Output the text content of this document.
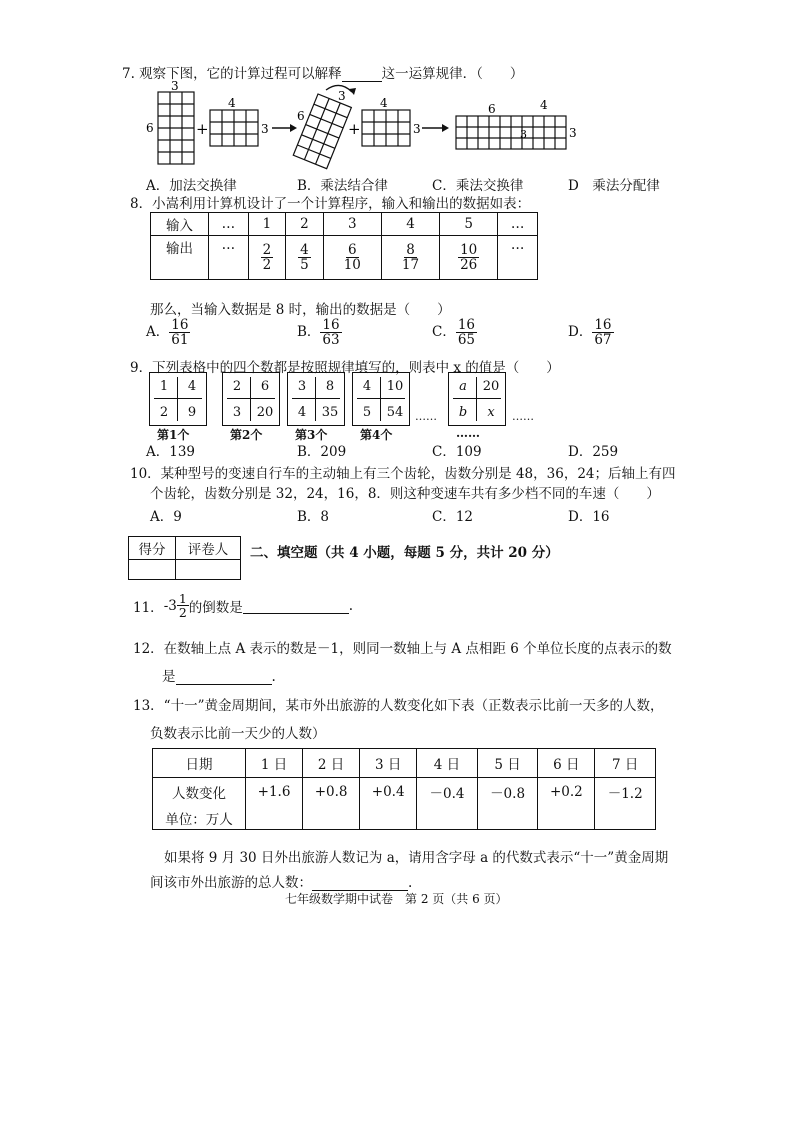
7. 观察下图，它的计算过程可以解释	这一运算规律．（　　）
3
6	+
4
3
3
6
+
4
3
6	4
3	3
A．加法交换律	B．乘法结合律	C．乘法交换律	D　乘法分配律
8．小嵩利用计算机设计了一个计算程序，输入和输出的数据如表：
输入	…	1	2	3	4	5	…
输出	…	$\frac{2}{2}$	$\frac{4}{5}$	$\frac{6}{10}$	$\frac{8}{17}$	$\frac{10}{26}$	…
那么，当输入数据是 8 时，输出的数据是（　　）
A． $\frac{16}{61}$	B． $\frac{16}{63}$	C． $\frac{16}{65}$	D． $\frac{16}{67}$
9．下列表格中的四个数都是按照规律填写的，则表中 x 的值是（　　）
1	4
2	9
第1个
2	6
3	20
第2个
3	8
4	35
第3个
4	10
5	54
第4个
a	20
b	x
……
……	……
A．139	B．209	C．109	D．259
10．某种型号的变速自行车的主动轴上有三个齿轮，齿数分别是 48，36，24；后轴上有四
个齿轮，齿数分别是 32，24，16，8．则这种变速车共有多少档不同的车速（　　）
A．9	B．8	C．12	D．16
得分	评卷人
	二、填空题（共 4 小题，每题 5 分，共计 20 分）
11． $-3 \frac{1}{2}$ 的倒数是	.
12．在数轴上点 A 表示的数是－1，则同一数轴上与 A 点相距 6 个单位长度的点表示的数
是	.
13．“十一”黄金周期间，某市外出旅游的人数变化如下表（正数表示比前一天多的人数，
负数表示比前一天少的人数）
日期	1 日	2 日	3 日	4 日	5 日	6 日	7 日
人数变化	+1.6	+0.8	+0.4	－0.4	－0.8	+0.2	－1.2
单位：万人							
如果将 9 月 30 日外出旅游人数记为 a，请用含字母 a 的代数式表示“十一”黄金周期
间该市外出旅游的总人数：	.
七年级数学期中试卷　第 2 页（共 6 页）
